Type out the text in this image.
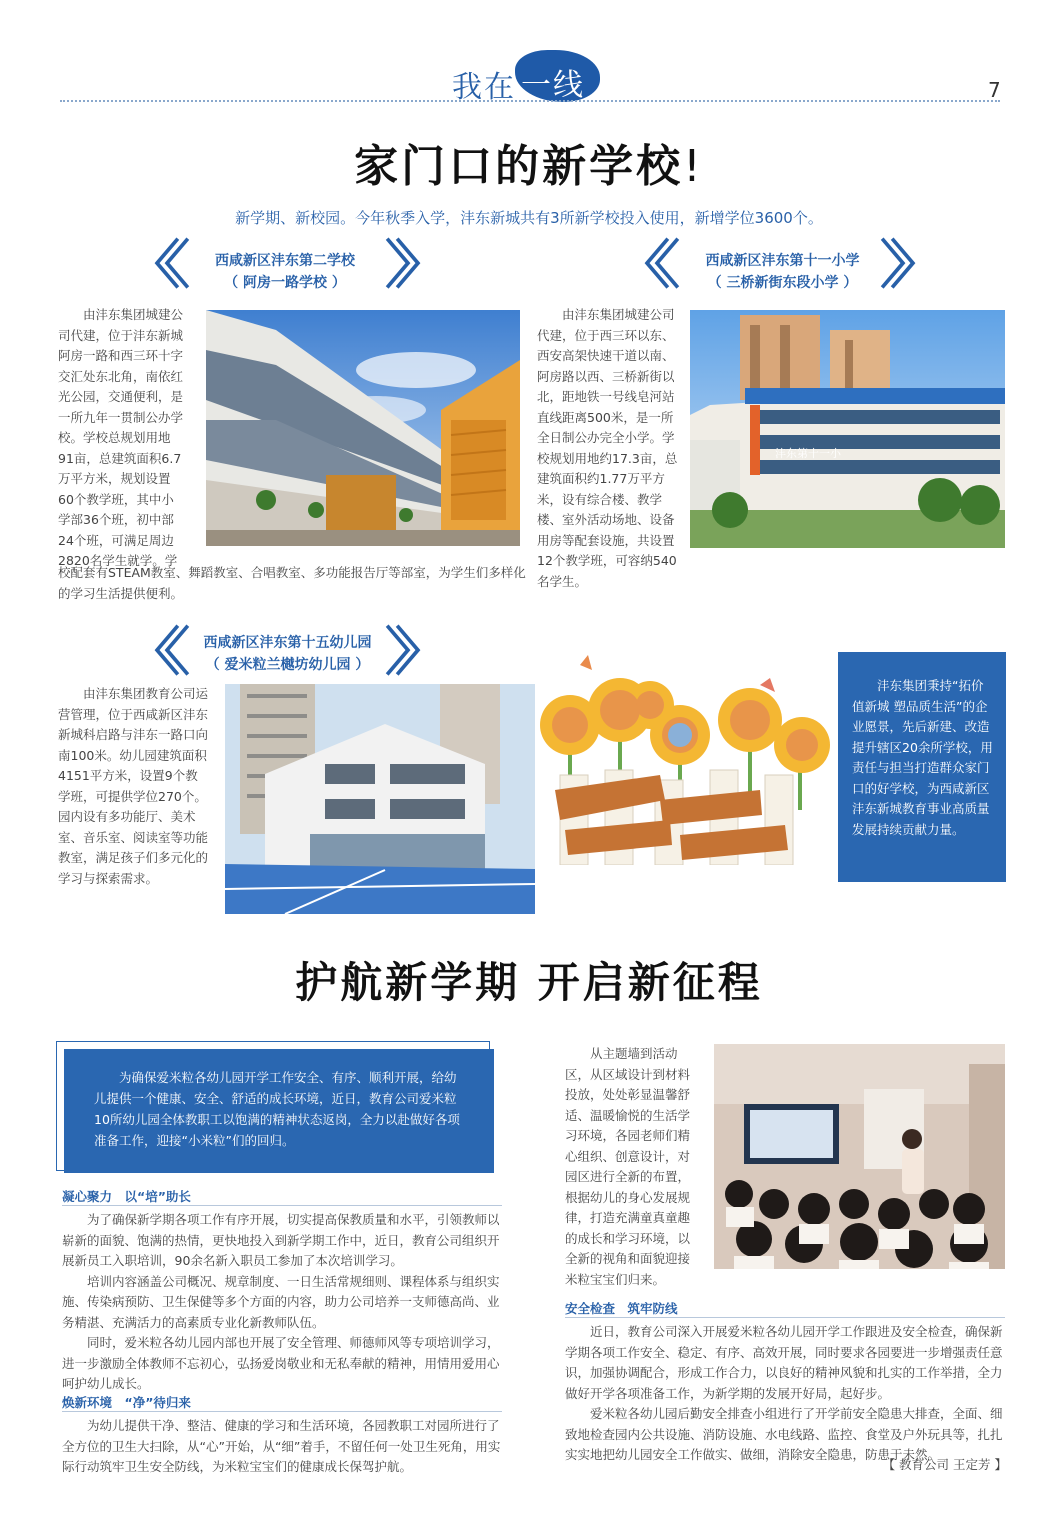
我在 一线	7
家门口的新学校!
新学期、新校园。今年秋季入学，沣东新城共有3所新学校投入使用，新增学位3600个。
〈〈	西咸新区沣东第二学校
（ 阿房一路学校 ） 〉〉	〈〈	西咸新区沣东第十一小学
（ 三桥新街东段小学 ） 〉〉

由沣东集团城建公司代建，位于沣东新城阿房一路和西三环十字交汇处东北角，南依红光公园，交通便利，是一所九年一贯制公办学校。学校总规划用地91亩，总建筑面积6.7万平方米，规划设置60个教学班，其中小学部36个班，初中部24个班，可满足周边2820名学生就学。学

校配套有STEAM教室、舞蹈教室、合唱教室、多功能报告厅等部室，为学生们多样化的学习生活提供便利。

由沣东集团城建公司代建，位于西三环以东、西安高架快速干道以南、阿房路以西、三桥新街以北，距地铁一号线皂河站直线距离500米，是一所全日制公办完全小学。学校规划用地约17.3亩，总建筑面积约1.77万平方米，设有综合楼、教学楼、室外活动场地、设备用房等配套设施，共设置12个教学班，可容纳540名学生。

沣东第十一小
〈〈	西咸新区沣东第十五幼儿园
（ 爱米粒兰樾坊幼儿园 ） 〉〉

由沣东集团教育公司运营管理，位于西咸新区沣东新城科启路与沣东一路口向南100米。幼儿园建筑面积4151平方米，设置9个教学班，可提供学位270个。园内设有多功能厅、美术室、音乐室、阅读室等功能教室，满足孩子们多元化的学习与探索需求。

沣东集团秉持“拓价值新城 塑品质生活”的企业愿景，先后新建、改造提升辖区20余所学校，用责任与担当打造群众家门口的好学校，为西咸新区沣东新城教育事业高质量发展持续贡献力量。
护航新学期 开启新征程
为确保爱米粒各幼儿园开学工作安全、有序、顺利开展，给幼儿提供一个健康、安全、舒适的成长环境，近日，教育公司爱米粒10所幼儿园全体教职工以饱满的精神状态返岗，全力以赴做好各项准备工作，迎接“小米粒”们的回归。
凝心聚力　以“培”助长

为了确保新学期各项工作有序开展，切实提高保教质量和水平，引领教师以崭新的面貌、饱满的热情，更快地投入到新学期工作中，近日，教育公司组织开展新员工入职培训，90余名新入职员工参加了本次培训学习。

培训内容涵盖公司概况、规章制度、一日生活常规细则、课程体系与组织实施、传染病预防、卫生保健等多个方面的内容，助力公司培养一支师德高尚、业务精湛、充满活力的高素质专业化新教师队伍。

同时，爱米粒各幼儿园内部也开展了安全管理、师德师风等专项培训学习，进一步激励全体教师不忘初心，弘扬爱岗敬业和无私奉献的精神，用情用爱用心呵护幼儿成长。

焕新环境　“净”待归来

为幼儿提供干净、整洁、健康的学习和生活环境，各园教职工对园所进行了全方位的卫生大扫除，从“心”开始，从“细”着手，不留任何一处卫生死角，用实际行动筑牢卫生安全防线，为米粒宝宝们的健康成长保驾护航。

从主题墙到活动区，从区域设计到材料投放，处处彰显温馨舒适、温暖愉悦的生活学习环境，各园老师们精心组织、创意设计，对园区进行全新的布置，根据幼儿的身心发展规律，打造充满童真童趣的成长和学习环境，以全新的视角和面貌迎接米粒宝宝们归来。

安全检查　筑牢防线

近日，教育公司深入开展爱米粒各幼儿园开学工作跟进及安全检查，确保新学期各项工作安全、稳定、有序、高效开展，同时要求各园要进一步增强责任意识，加强协调配合，形成工作合力，以良好的精神风貌和扎实的工作举措，全力做好开学各项准备工作，为新学期的发展开好局，起好步。

爱米粒各幼儿园后勤安全排查小组进行了开学前安全隐患大排查，全面、细致地检查园内公共设施、消防设施、水电线路、监控、食堂及户外玩具等，扎扎实实地把幼儿园安全工作做实、做细，消除安全隐患，防患于未然。

【 教育公司 王定芳 】
